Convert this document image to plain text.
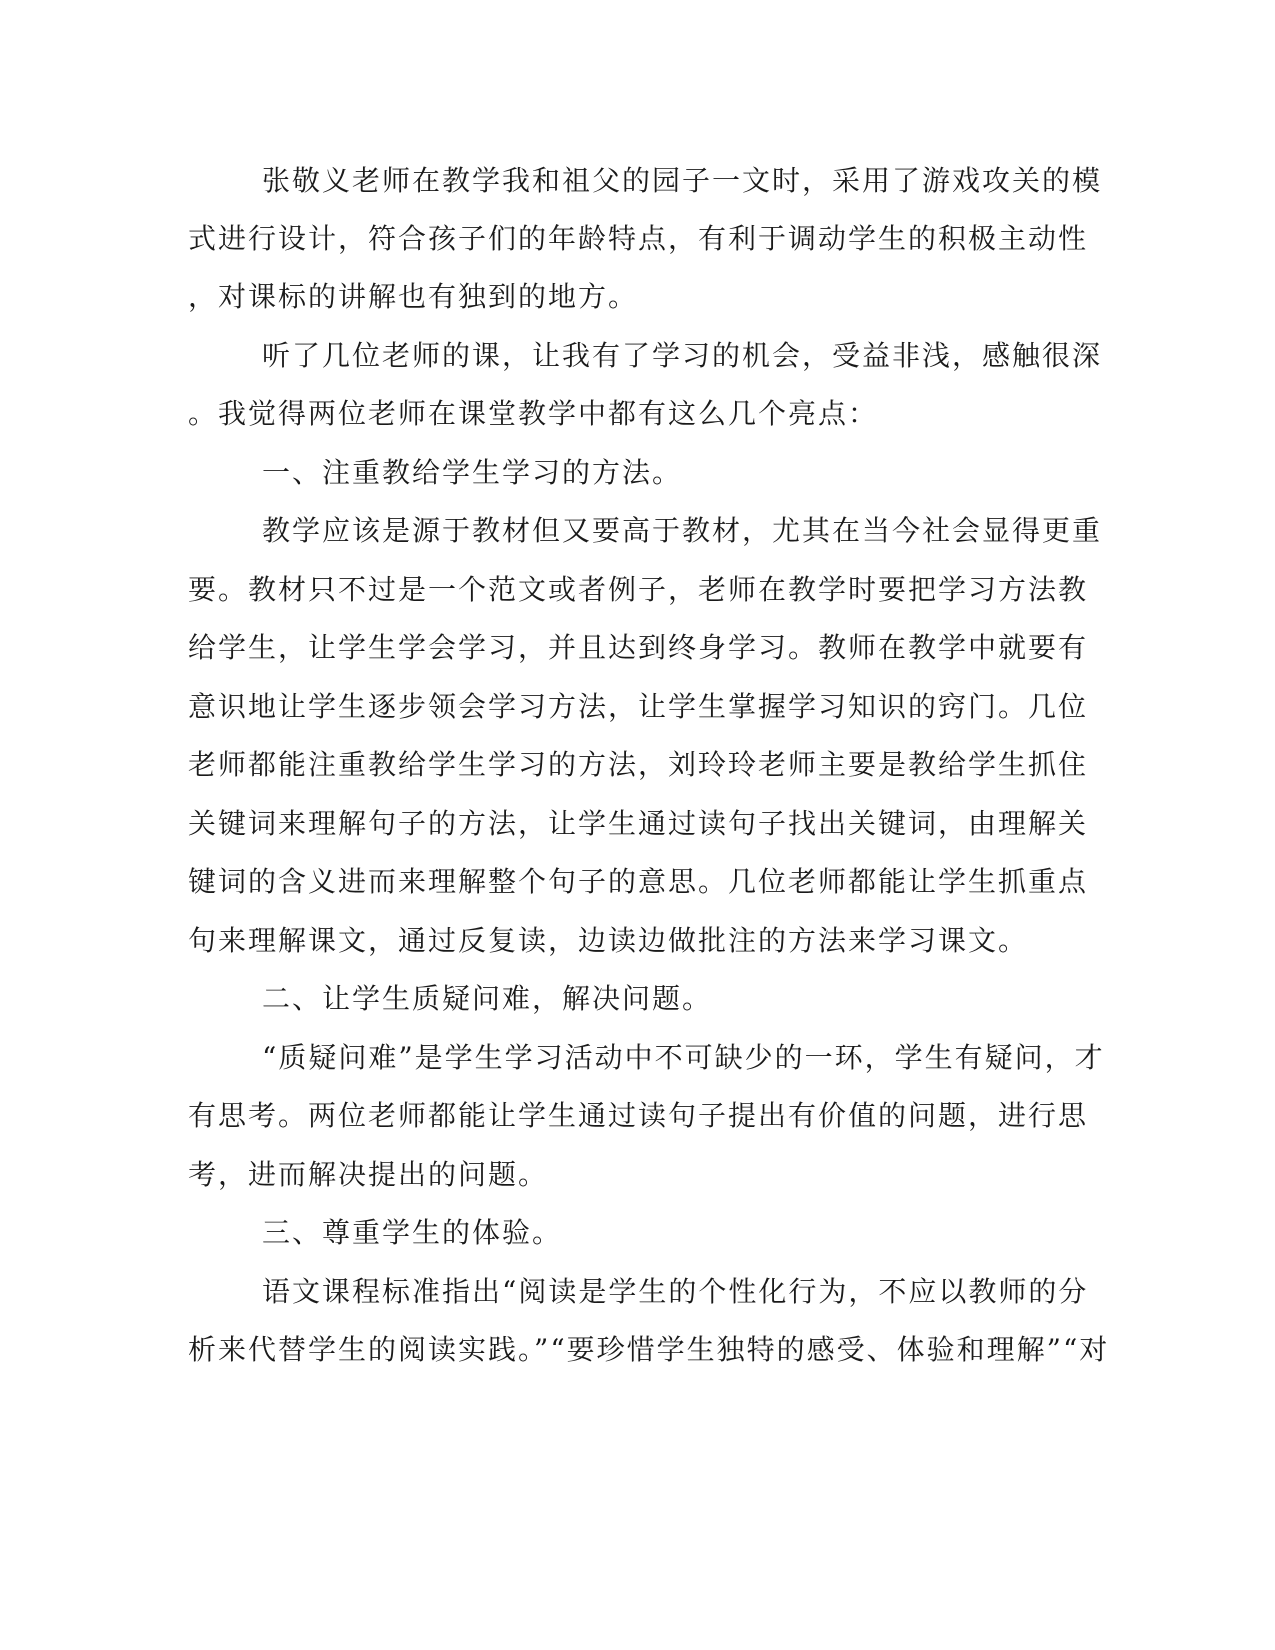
张敬义老师在教学我和祖父的园子一文时，采用了游戏攻关的模
式进行设计，符合孩子们的年龄特点，有利于调动学生的积极主动性
，对课标的讲解也有独到的地方。
听了几位老师的课，让我有了学习的机会，受益非浅，感触很深
。我觉得两位老师在课堂教学中都有这么几个亮点：
一、注重教给学生学习的方法。
教学应该是源于教材但又要高于教材，尤其在当今社会显得更重
要。教材只不过是一个范文或者例子，老师在教学时要把学习方法教
给学生，让学生学会学习，并且达到终身学习。教师在教学中就要有
意识地让学生逐步领会学习方法，让学生掌握学习知识的窍门。几位
老师都能注重教给学生学习的方法，刘玲玲老师主要是教给学生抓住
关键词来理解句子的方法，让学生通过读句子找出关键词，由理解关
键词的含义进而来理解整个句子的意思。几位老师都能让学生抓重点
句来理解课文，通过反复读，边读边做批注的方法来学习课文。
二、让学生质疑问难，解决问题。
“质疑问难”是学生学习活动中不可缺少的一环，学生有疑问，才
有思考。两位老师都能让学生通过读句子提出有价值的问题，进行思
考，进而解决提出的问题。
三、尊重学生的体验。
语文课程标准指出“阅读是学生的个性化行为，不应以教师的分
析来代替学生的阅读实践。”“要珍惜学生独特的感受、体验和理解”“对
